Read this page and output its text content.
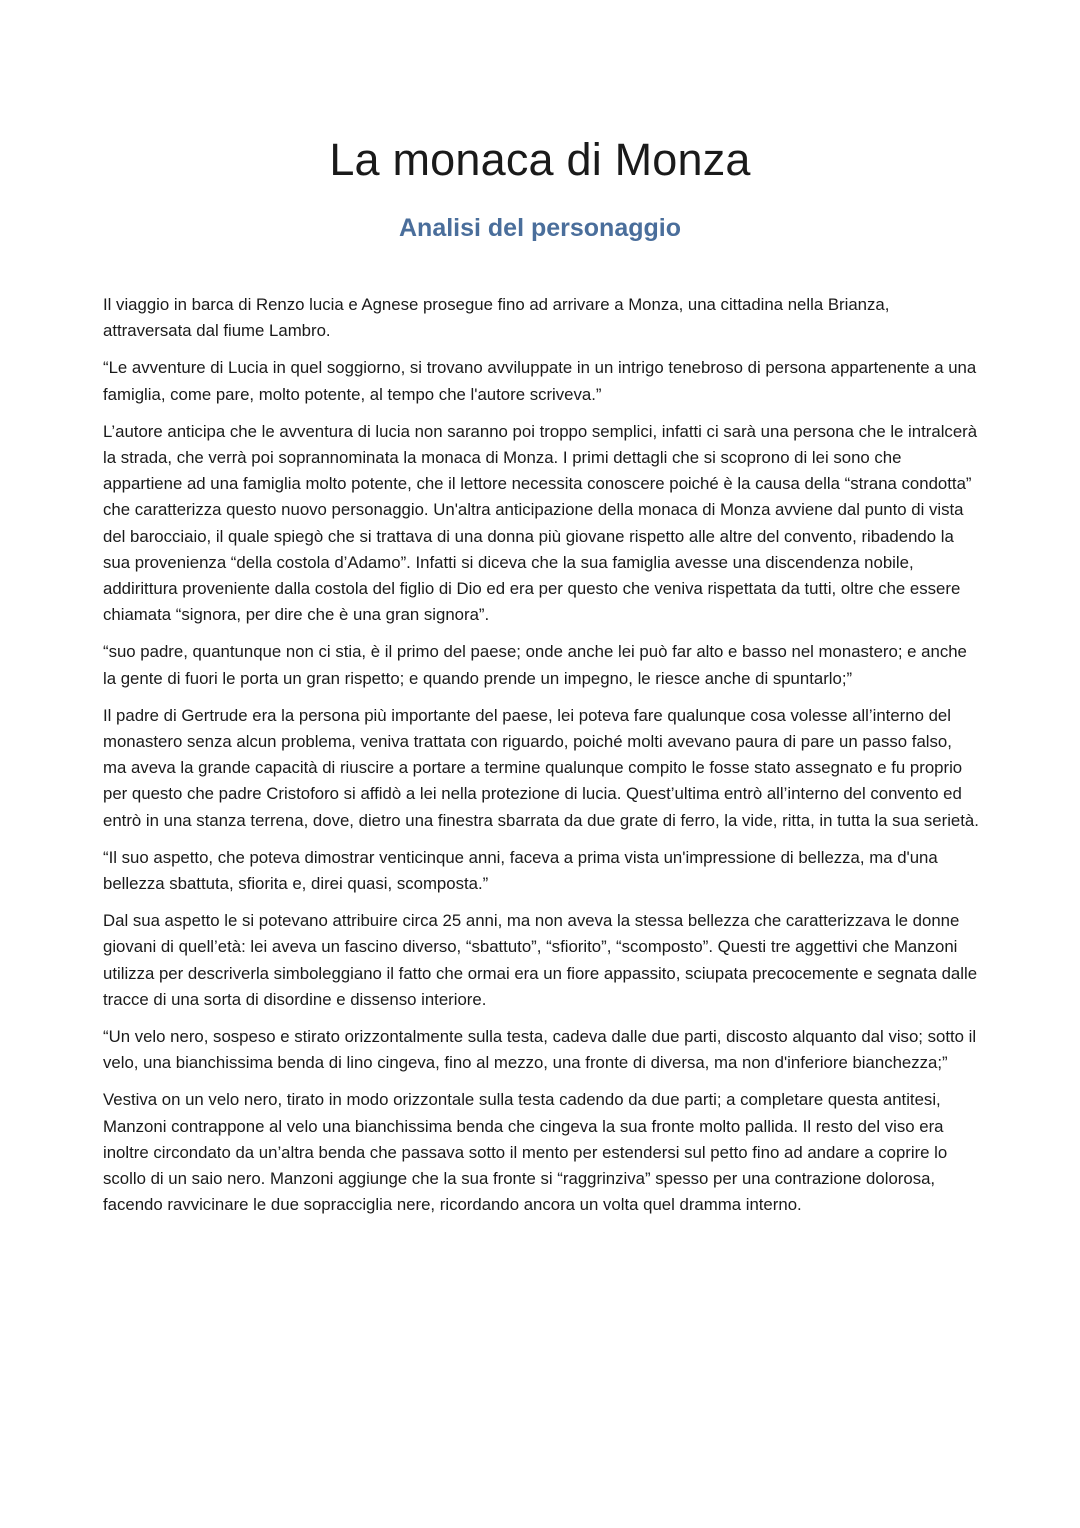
La monaca di Monza
Analisi del personaggio

Il viaggio in barca di Renzo lucia e Agnese prosegue fino ad arrivare a Monza, una cittadina nella Brianza, attraversata dal fiume Lambro.

“Le avventure di Lucia in quel soggiorno, si trovano avviluppate in un intrigo tenebroso di persona appartenente a una famiglia, come pare, molto potente, al tempo che l'autore scriveva.”

L’autore anticipa che le avventura di lucia non saranno poi troppo semplici, infatti ci sarà una persona che le intralcerà la strada, che verrà poi soprannominata la monaca di Monza. I primi dettagli che si scoprono di lei sono che appartiene ad una famiglia molto potente, che il lettore necessita conoscere poiché è la causa della “strana condotta” che caratterizza questo nuovo personaggio. Un'altra anticipazione della monaca di Monza avviene dal punto di vista del barocciaio, il quale spiegò che si trattava di una donna più giovane rispetto alle altre del convento, ribadendo la sua provenienza “della costola d’Adamo”. Infatti si diceva che la sua famiglia avesse una discendenza nobile, addirittura proveniente dalla costola del figlio di Dio ed era per questo che veniva rispettata da tutti, oltre che essere chiamata “signora, per dire che è una gran signora”.

“suo padre, quantunque non ci stia, è il primo del paese; onde anche lei può far alto e basso nel monastero; e anche la gente di fuori le porta un gran rispetto; e quando prende un impegno, le riesce anche di spuntarlo;”

Il padre di Gertrude era la persona più importante del paese, lei poteva fare qualunque cosa volesse all’interno del monastero senza alcun problema, veniva trattata con riguardo, poiché molti avevano paura di pare un passo falso, ma aveva la grande capacità di riuscire a portare a termine qualunque compito le fosse stato assegnato e fu proprio per questo che padre Cristoforo si affidò a lei nella protezione di lucia. Quest’ultima entrò all’interno del convento ed entrò in una stanza terrena, dove, dietro una finestra sbarrata da due grate di ferro, la vide, ritta, in tutta la sua serietà.

“Il suo aspetto, che poteva dimostrar venticinque anni, faceva a prima vista un'impressione di bellezza, ma d'una bellezza sbattuta, sfiorita e, direi quasi, scomposta.”

Dal sua aspetto le si potevano attribuire circa 25 anni, ma non aveva la stessa bellezza che caratterizzava le donne giovani di quell’età: lei aveva un fascino diverso, “sbattuto”, “sfiorito”, “scomposto”. Questi tre aggettivi che Manzoni utilizza per descriverla simboleggiano il fatto che ormai era un fiore appassito, sciupata precocemente e segnata dalle tracce di una sorta di disordine e dissenso interiore.

“Un velo nero, sospeso e stirato orizzontalmente sulla testa, cadeva dalle due parti, discosto alquanto dal viso; sotto il velo, una bianchissima benda di lino cingeva, fino al mezzo, una fronte di diversa, ma non d'inferiore bianchezza;”

Vestiva on un velo nero, tirato in modo orizzontale sulla testa cadendo da due parti; a completare questa antitesi, Manzoni contrappone al velo una bianchissima benda che cingeva la sua fronte molto pallida. Il resto del viso era inoltre circondato da un’altra benda che passava sotto il mento per estendersi sul petto fino ad andare a coprire lo scollo di un saio nero. Manzoni aggiunge che la sua fronte si “raggrinziva” spesso per una contrazione dolorosa, facendo ravvicinare le due sopracciglia nere, ricordando ancora un volta quel dramma interno.
